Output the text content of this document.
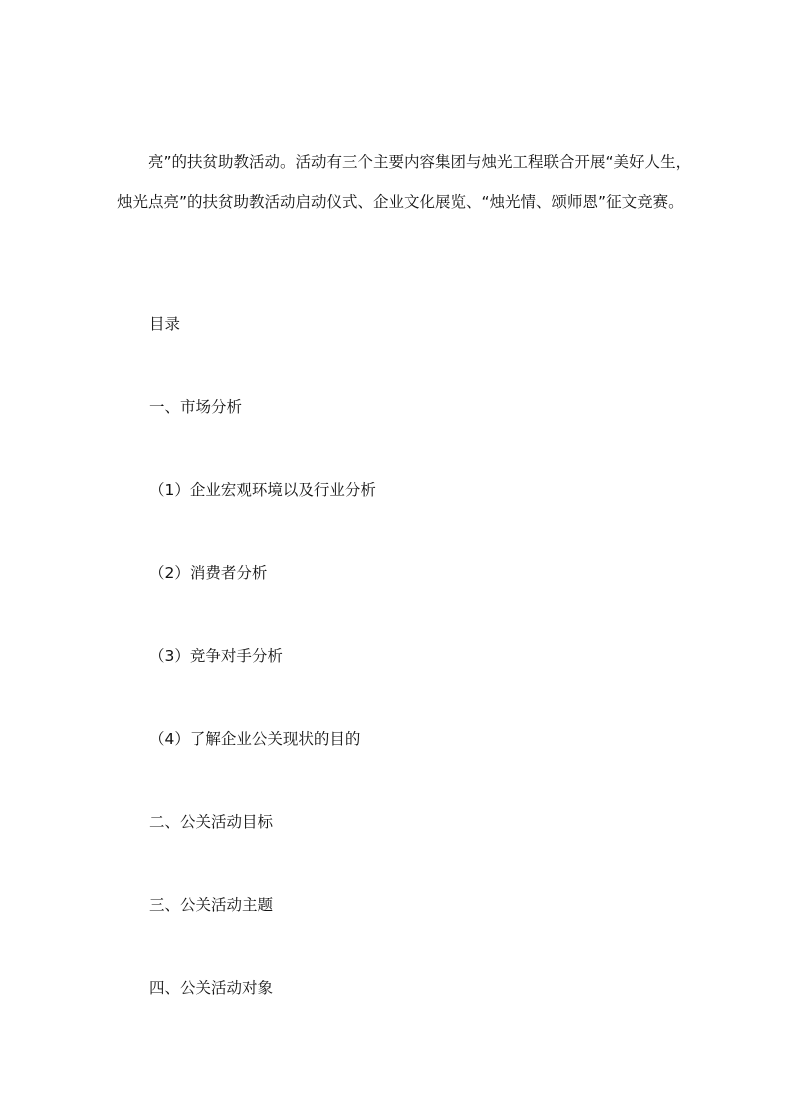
亮”的扶贫助教活动。活动有三个主要内容集团与烛光工程联合开展“美好人生，烛光点亮”的扶贫助教活动启动仪式、企业文化展览、“烛光情、颂师恩”征文竞赛。

目录

一、市场分析

（1）企业宏观环境以及行业分析

（2）消费者分析

（3）竞争对手分析

（4）了解企业公关现状的目的

二、公关活动目标

三、公关活动主题

四、公关活动对象
